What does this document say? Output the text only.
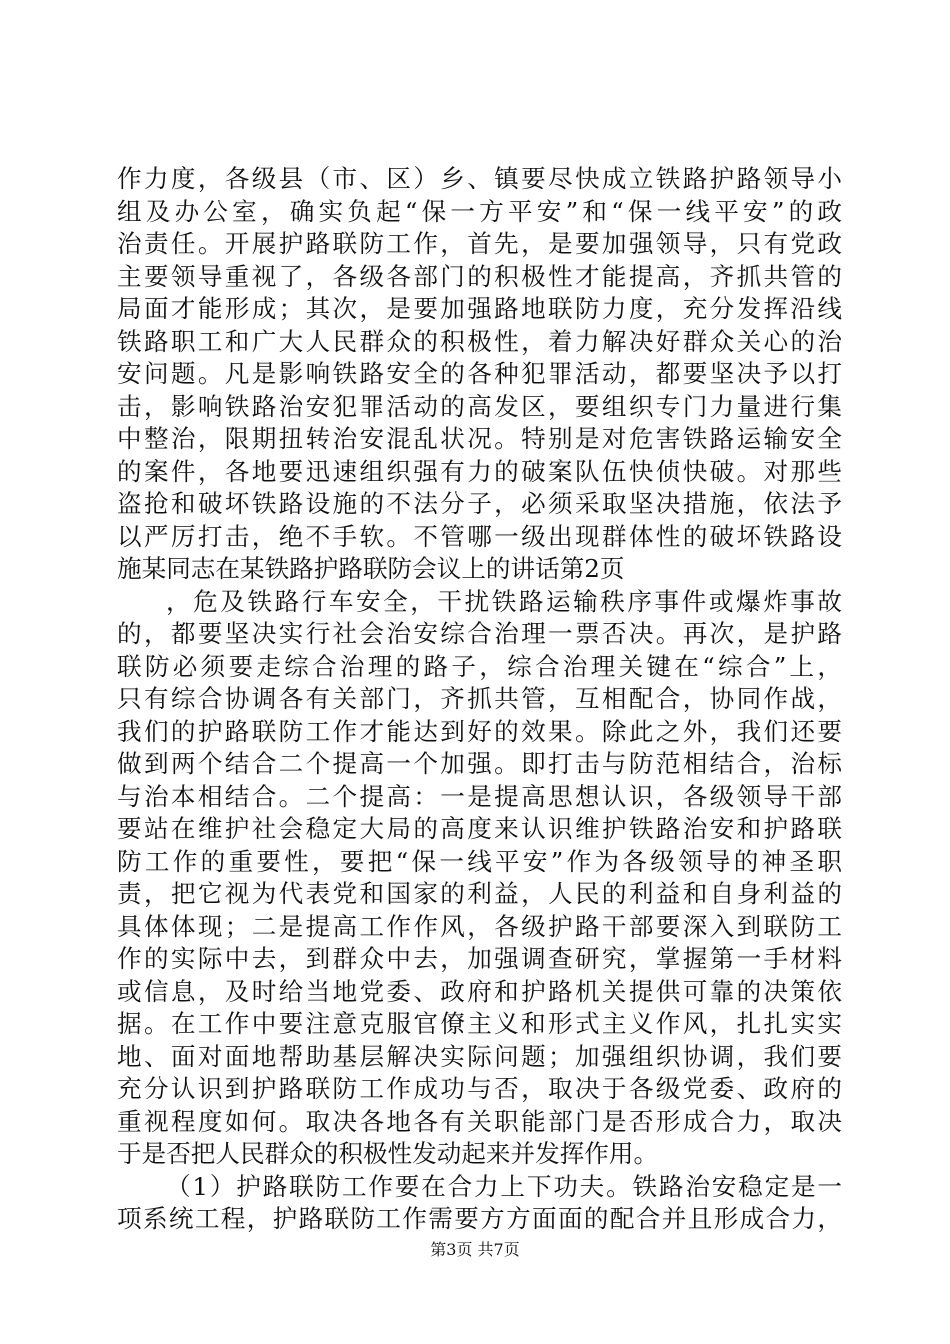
作力度，各级县（市、区）乡、镇要尽快成立铁路护路领导小
组及办公室，确实负起“保一方平安”和“保一线平安”的政
治责任。开展护路联防工作，首先，是要加强领导，只有党政
主要领导重视了，各级各部门的积极性才能提高，齐抓共管的
局面才能形成；其次，是要加强路地联防力度，充分发挥沿线
铁路职工和广大人民群众的积极性，着力解决好群众关心的治
安问题。凡是影响铁路安全的各种犯罪活动，都要坚决予以打
击，影响铁路治安犯罪活动的高发区，要组织专门力量进行集
中整治，限期扭转治安混乱状况。特别是对危害铁路运输安全
的案件，各地要迅速组织强有力的破案队伍快侦快破。对那些
盗抢和破坏铁路设施的不法分子，必须采取坚决措施，依法予
以严厉打击，绝不手软。不管哪一级出现群体性的破坏铁路设
施某同志在某铁路护路联防会议上的讲话第2页
，危及铁路行车安全，干扰铁路运输秩序事件或爆炸事故
的，都要坚决实行社会治安综合治理一票否决。再次，是护路
联防必须要走综合治理的路子，综合治理关键在“综合”上，
只有综合协调各有关部门，齐抓共管，互相配合，协同作战，
我们的护路联防工作才能达到好的效果。除此之外，我们还要
做到两个结合二个提高一个加强。即打击与防范相结合，治标
与治本相结合。二个提高：一是提高思想认识，各级领导干部
要站在维护社会稳定大局的高度来认识维护铁路治安和护路联
防工作的重要性，要把“保一线平安”作为各级领导的神圣职
责，把它视为代表党和国家的利益，人民的利益和自身利益的
具体体现；二是提高工作作风，各级护路干部要深入到联防工
作的实际中去，到群众中去，加强调查研究，掌握第一手材料
或信息，及时给当地党委、政府和护路机关提供可靠的决策依
据。在工作中要注意克服官僚主义和形式主义作风，扎扎实实
地、面对面地帮助基层解决实际问题；加强组织协调，我们要
充分认识到护路联防工作成功与否，取决于各级党委、政府的
重视程度如何。取决各地各有关职能部门是否形成合力，取决
于是否把人民群众的积极性发动起来并发挥作用。
（1）护路联防工作要在合力上下功夫。铁路治安稳定是一
项系统工程，护路联防工作需要方方面面的配合并且形成合力，
第3页 共7页
